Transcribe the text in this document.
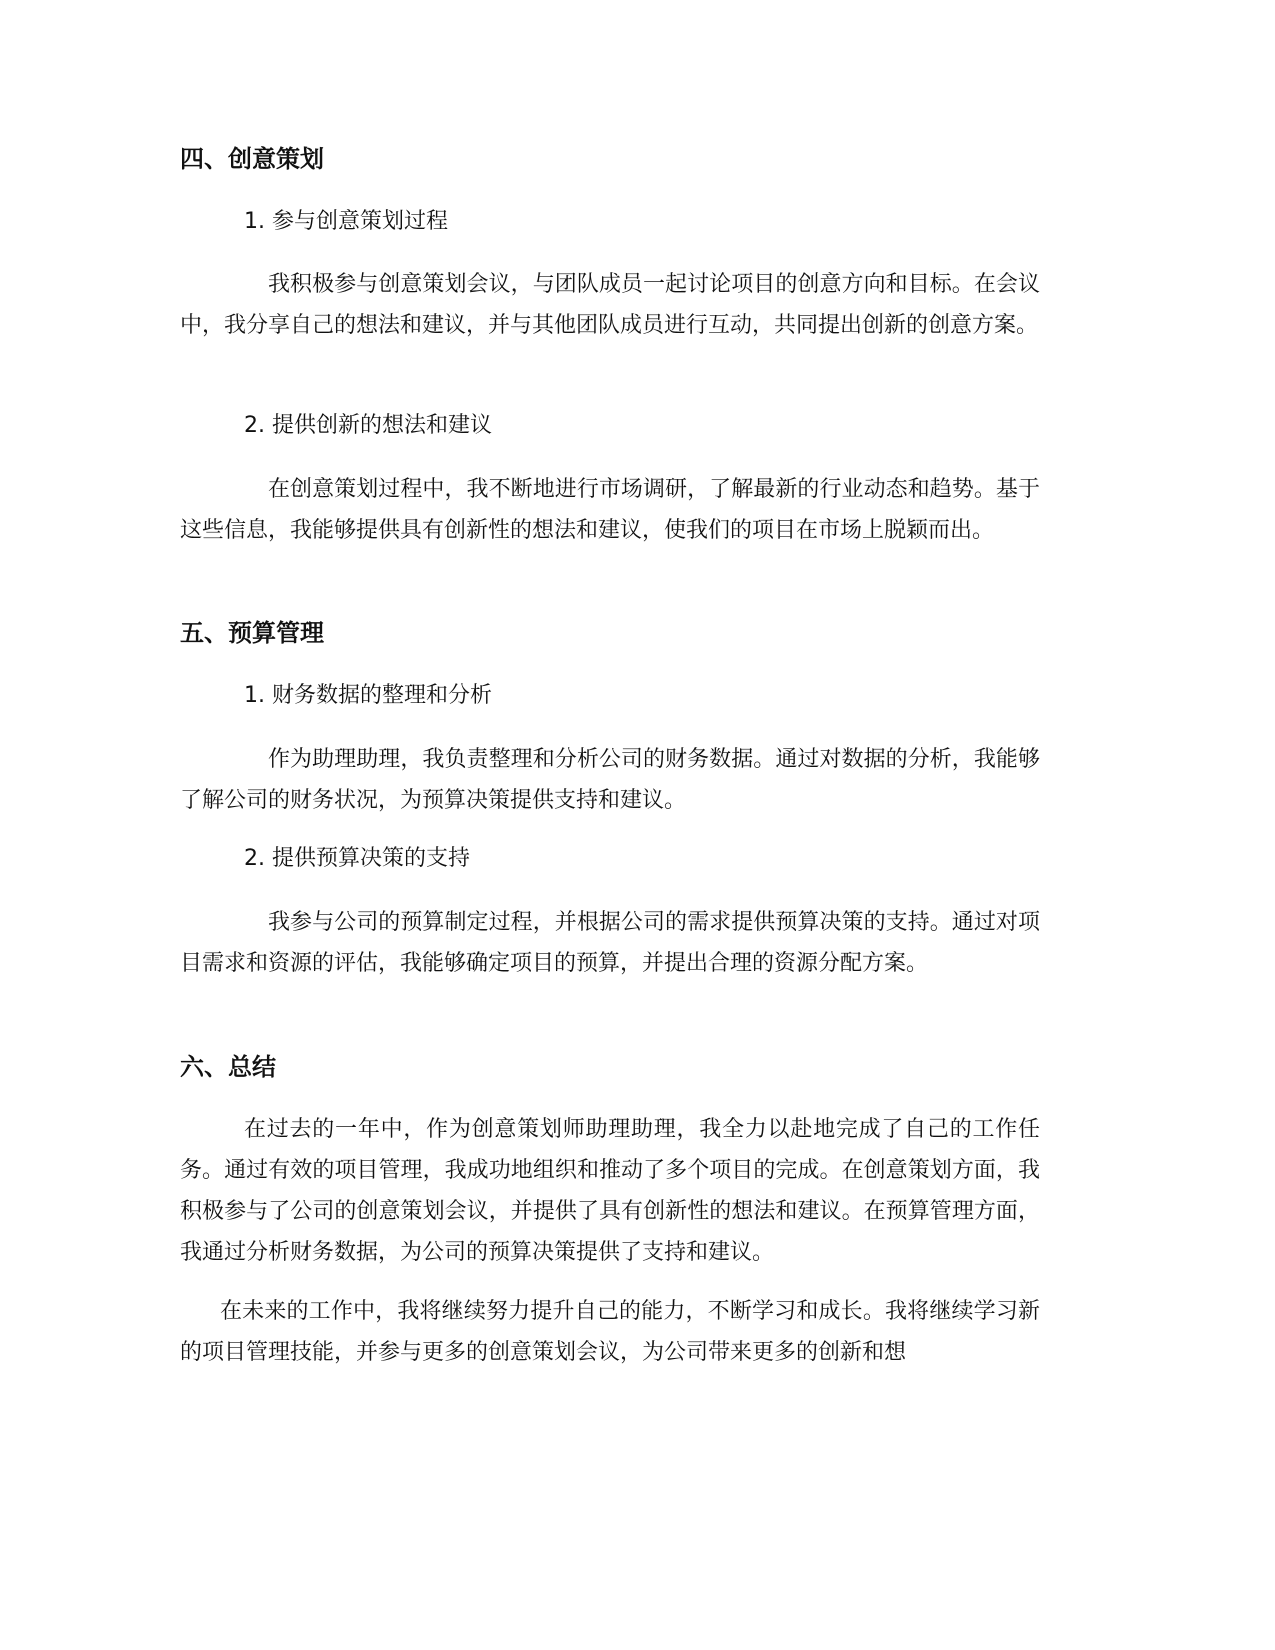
四、创意策划

1. 参与创意策划过程

我积极参与创意策划会议，与团队成员一起讨论项目的创意方向和目标。在会议中，我分享自己的想法和建议，并与其他团队成员进行互动，共同提出创新的创意方案。

2. 提供创新的想法和建议

在创意策划过程中，我不断地进行市场调研，了解最新的行业动态和趋势。基于这些信息，我能够提供具有创新性的想法和建议，使我们的项目在市场上脱颖而出。

五、预算管理

1. 财务数据的整理和分析

作为助理助理，我负责整理和分析公司的财务数据。通过对数据的分析，我能够了解公司的财务状况，为预算决策提供支持和建议。

2. 提供预算决策的支持

我参与公司的预算制定过程，并根据公司的需求提供预算决策的支持。通过对项目需求和资源的评估，我能够确定项目的预算，并提出合理的资源分配方案。

六、总结

在过去的一年中，作为创意策划师助理助理，我全力以赴地完成了自己的工作任务。通过有效的项目管理，我成功地组织和推动了多个项目的完成。在创意策划方面，我积极参与了公司的创意策划会议，并提供了具有创新性的想法和建议。在预算管理方面，我通过分析财务数据，为公司的预算决策提供了支持和建议。

在未来的工作中，我将继续努力提升自己的能力，不断学习和成长。我将继续学习新的项目管理技能，并参与更多的创意策划会议，为公司带来更多的创新和想
